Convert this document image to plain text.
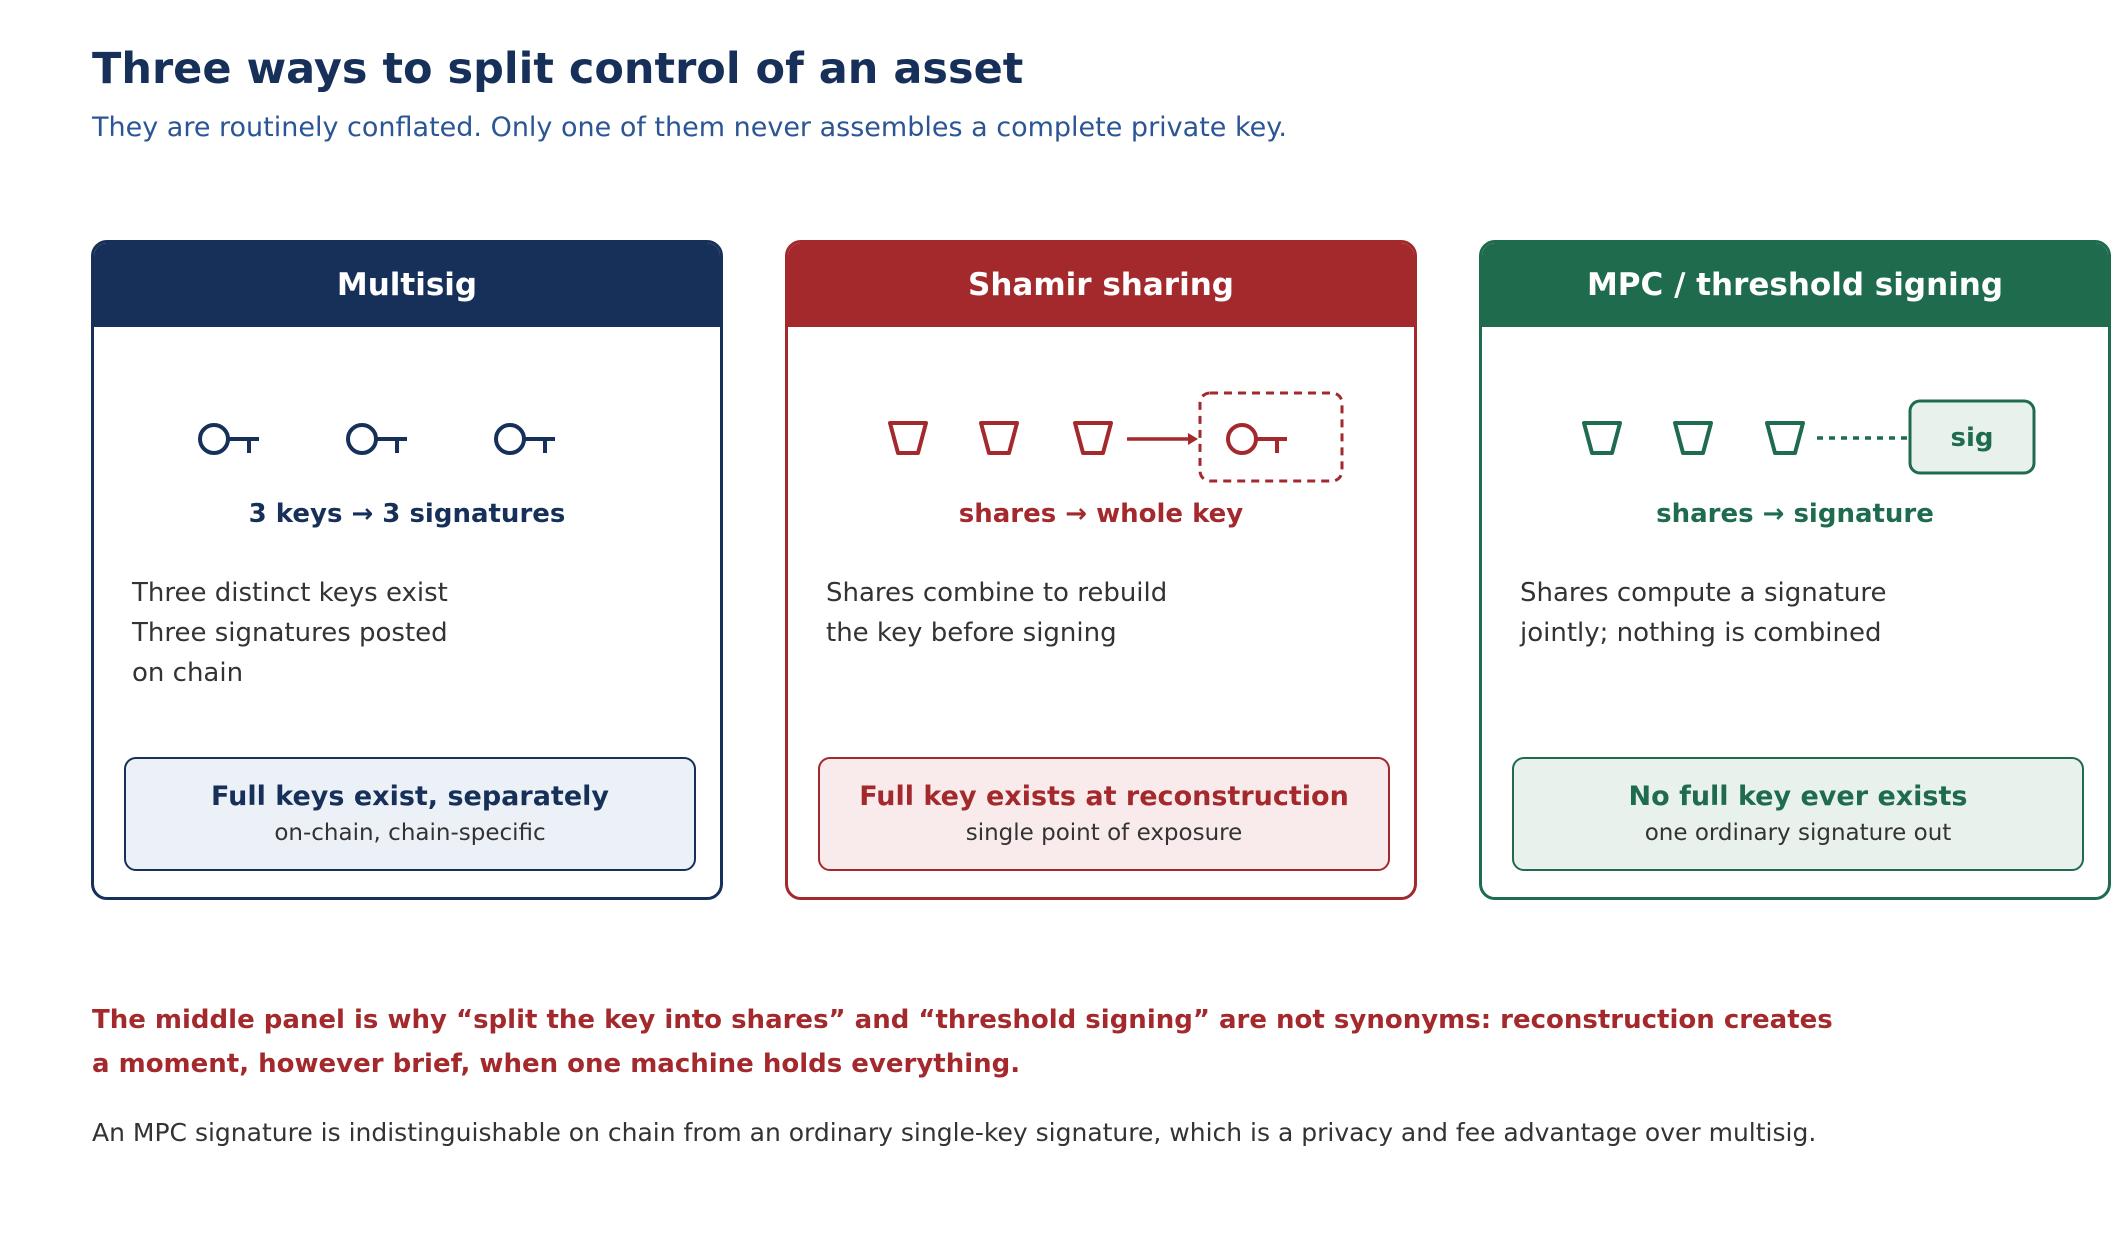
Three ways to split control of an asset

They are routinely conflated. Only one of them never assembles a complete private key.

Multisig
3 keys → 3 signatures
Three distinct keys exist
Three signatures posted
on chain
Full keys exist, separately
on-chain, chain-specific
Shamir sharing
shares → whole key
Shares combine to rebuild
the key before signing
Full key exists at reconstruction
single point of exposure
MPC / threshold signing
sig
shares → signature
Shares compute a signature
jointly; nothing is combined
No full key ever exists
one ordinary signature out
The middle panel is why “split the key into shares” and “threshold signing” are not synonyms: reconstruction creates
a moment, however brief, when one machine holds everything.
An MPC signature is indistinguishable on chain from an ordinary single-key signature, which is a privacy and fee advantage over multisig.
